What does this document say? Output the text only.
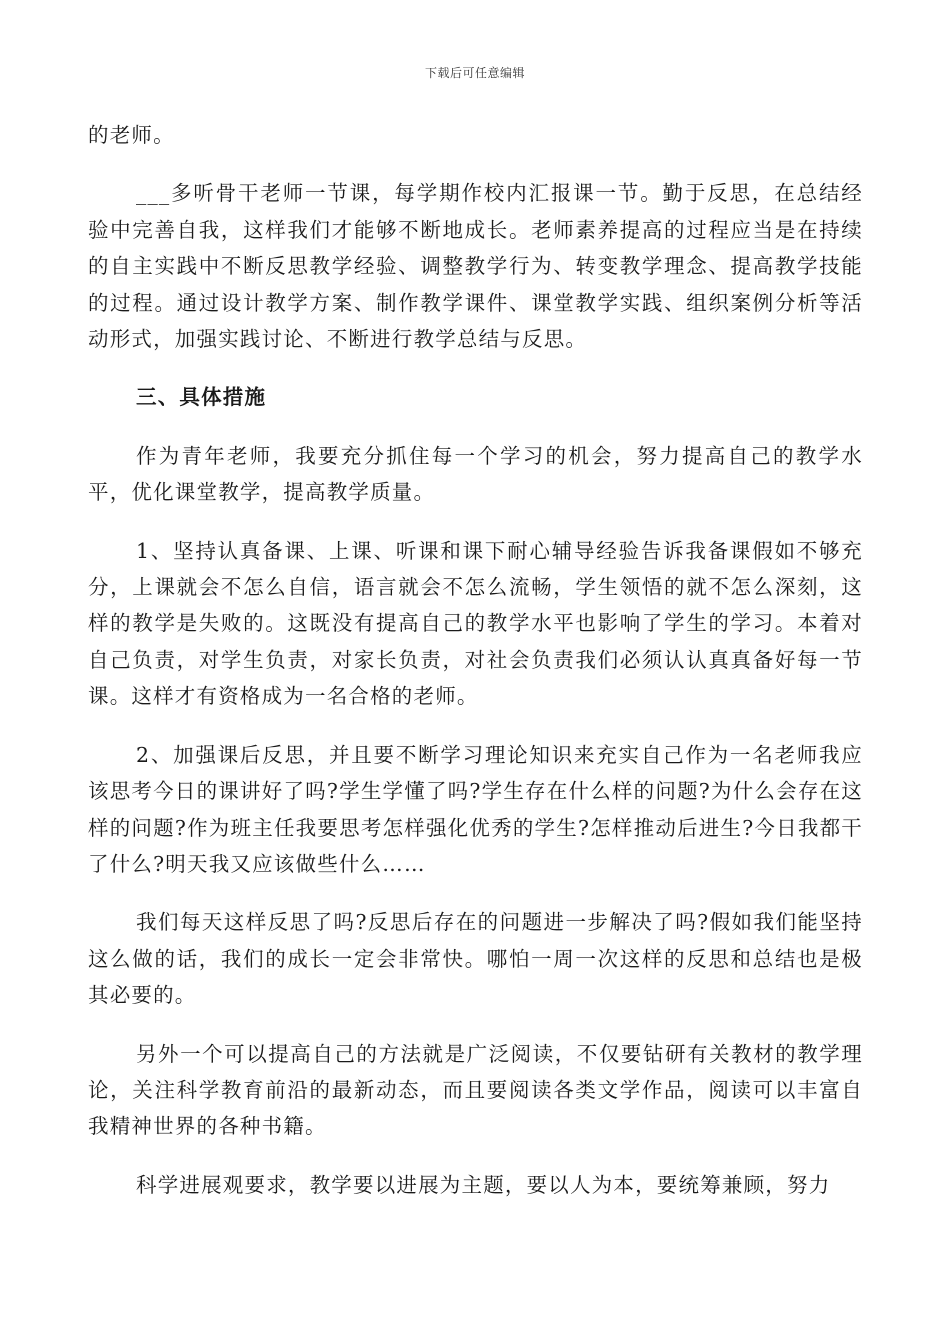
下载后可任意编辑

的老师。

___多听骨干老师一节课，每学期作校内汇报课一节。勤于反思，在总结经验中完善自我，这样我们才能够不断地成长。老师素养提高的过程应当是在持续的自主实践中不断反思教学经验、调整教学行为、转变教学理念、提高教学技能的过程。通过设计教学方案、制作教学课件、课堂教学实践、组织案例分析等活动形式，加强实践讨论、不断进行教学总结与反思。

三、具体措施

作为青年老师，我要充分抓住每一个学习的机会，努力提高自己的教学水平，优化课堂教学，提高教学质量。

1、坚持认真备课、上课、听课和课下耐心辅导经验告诉我备课假如不够充分，上课就会不怎么自信，语言就会不怎么流畅，学生领悟的就不怎么深刻，这样的教学是失败的。这既没有提高自己的教学水平也影响了学生的学习。本着对自己负责，对学生负责，对家长负责，对社会负责我们必须认认真真备好每一节课。这样才有资格成为一名合格的老师。

2、加强课后反思，并且要不断学习理论知识来充实自己作为一名老师我应该思考今日的课讲好了吗?学生学懂了吗?学生存在什么样的问题?为什么会存在这样的问题?作为班主任我要思考怎样强化优秀的学生?怎样推动后进生?今日我都干了什么?明天我又应该做些什么……

我们每天这样反思了吗?反思后存在的问题进一步解决了吗?假如我们能坚持这么做的话，我们的成长一定会非常快。哪怕一周一次这样的反思和总结也是极其必要的。

另外一个可以提高自己的方法就是广泛阅读，不仅要钻研有关教材的教学理论，关注科学教育前沿的最新动态，而且要阅读各类文学作品，阅读可以丰富自我精神世界的各种书籍。

科学进展观要求，教学要以进展为主题，要以人为本，要统筹兼顾，努力
